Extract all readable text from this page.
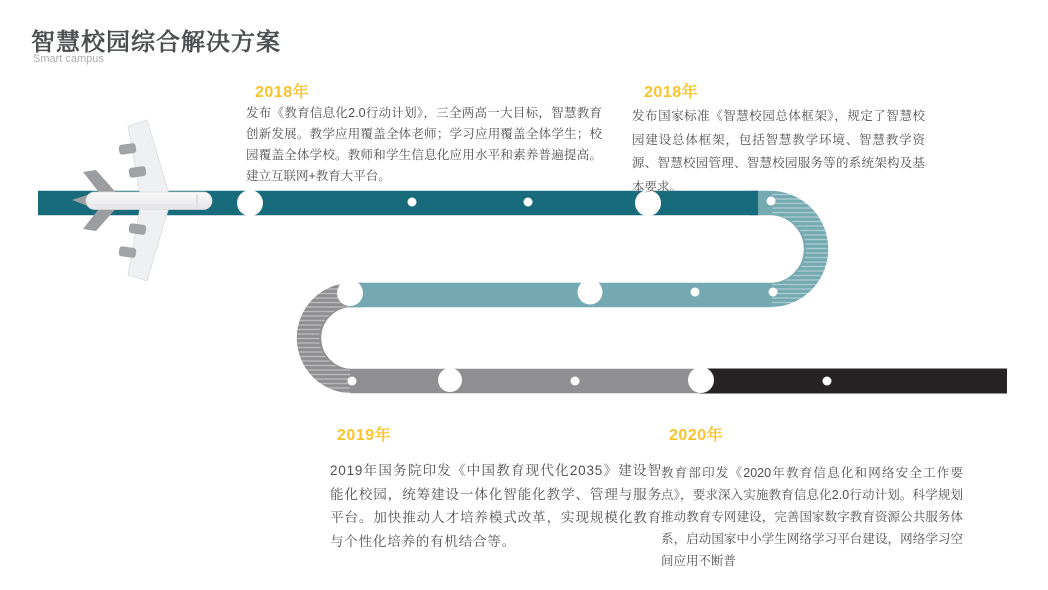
智慧校园综合解决方案
Smart campus
2018年	2018年
2019年	2020年
发布《教育信息化2.0行动计划》，三全两高一大目标，智慧教育创新发展。教学应用覆盖全体老师；学习应用覆盖全体学生；校园覆盖全体学校。教师和学生信息化应用水平和素养普遍提高。建立互联网+教育大平台。
发布国家标准《智慧校园总体框架》，规定了智慧校园建设总体框架，包括智慧教学环境、智慧教学资源、智慧校园管理、智慧校园服务等的系统架构及基本要求。
2019年国务院印发《中国教育现代化2035》建设智能化校园，统筹建设一体化智能化教学、管理与服务平台。加快推动人才培养模式改革，实现规模化教育与个性化培养的有机结合等。
教育部印发《2020年教育信息化和网络安全工作要点》，要求深入实施教育信息化2.0行动计划。科学规划推动教育专网建设，完善国家数字教育资源公共服务体系，启动国家中小学生网络学习平台建设，网络学习空间应用不断普
